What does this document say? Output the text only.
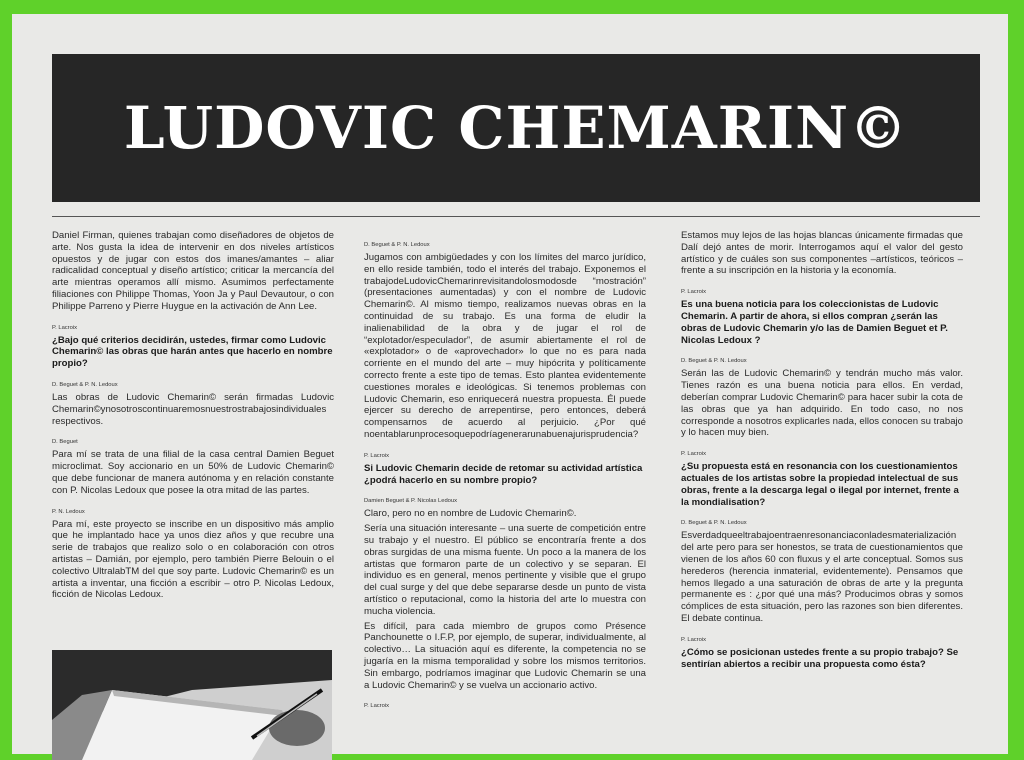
LUDOVIC CHEMARIN©

Daniel Firman, quienes trabajan como diseñadores de objetos de arte. Nos gusta la idea de intervenir en dos niveles artísticos opuestos y de jugar con estos dos imanes/amantes – aliar radicalidad conceptual y diseño artístico; criticar la mercancía del arte mientras operamos allí mismo. Asumimos perfectamente filiaciones con Philippe Thomas, Yoon Ja y Paul Devautour, o con Philippe Parreno y Pierre Huygue en la activación de Ann Lee.

P. Lacroix
¿Bajo qué criterios decidirán, ustedes, firmar como Ludovic Chemarin© las obras que harán antes que hacerlo en nombre propio?
D. Beguet & P. N. Ledoux

Las obras de Ludovic Chemarin© serán firmadas Ludovic Chemarin©ynosotroscontinuaremosnuestrostrabajosindividuales respectivos.

D. Beguet

Para mí se trata de una filial de la casa central Damien Beguet microclimat. Soy accionario en un 50% de Ludovic Chemarin© que debe funcionar de manera autónoma y en relación constante con P. Nicolas Ledoux que posee la otra mitad de las partes.

P. N. Ledoux

Para mí, este proyecto se inscribe en un dispositivo más amplio que he implantado hace ya unos diez años y que recubre una serie de trabajos que realizo solo o en colaboración con otros artistas – Damián, por ejemplo, pero también Pierre Belouin o el colectivo UltralabTM del que soy parte. Ludovic Chemarin© es un artista a inventar, una ficción a escribir – otro P. Nicolas Ledoux, ficción de Nicolas Ledoux.

D. Beguet & P. N. Ledoux

Jugamos con ambigüedades y con los límites del marco jurídico, en ello reside también, todo el interés del trabajo. Exponemos el trabajodeLudovicChemarinrevisitandolosmodosde “mostración” (presentaciones aumentadas) y con el nombre de Ludovic Chemarin©. Al mismo tiempo, realizamos nuevas obras en la continuidad de su trabajo. Es una forma de eludir la inalienabilidad de la obra y de jugar el rol de “explotador/especulador”, de asumir abiertamente el rol de «explotador» o de «aprovechador» lo que no es para nada corriente en el mundo del arte – muy hipócrita y políticamente correcto frente a este tipo de temas. Esto plantea evidentemente cuestiones morales e ideológicas. Si tenemos problemas con Ludovic Chemarin, eso enriquecerá nuestra propuesta. Él puede ejercer su derecho de arrepentirse, pero entonces, deberá compensarnos de acuerdo al perjuicio. ¿Por qué noentablarunprocesoquepodríagenerarunabuenajurisprudencia?

P. Lacroix
Si Ludovic Chemarin decide de retomar su actividad artística ¿podrá hacerlo en su nombre propio?
Damien Beguet & P. Nicolas Ledoux

Claro, pero no en nombre de Ludovic Chemarin©.

Sería una situación interesante – una suerte de competición entre su trabajo y el nuestro. El público se encontraría frente a dos obras surgidas de una misma fuente. Un poco a la manera de los artistas que formaron parte de un colectivo y se separan. El individuo es en general, menos pertinente y visible que el grupo del cual surge y del que debe separarse desde un punto de vista artístico o reputacional, como la historia del arte lo muestra con mucha violencia.

Es difícil, para cada miembro de grupos como Présence Panchounette o I.F.P, por ejemplo, de superar, individualmente, al colectivo… La situación aquí es diferente, la competencia no se jugaría en la misma temporalidad y sobre los mismos territorios. Sin embargo, podríamos imaginar que Ludovic Chemarin se una a Ludovic Chemarin© y se vuelva un accionario activo.

P. Lacroix

Estamos muy lejos de las hojas blancas únicamente firmadas que Dalí dejó antes de morir. Interrogamos aquí el valor del gesto artístico y de cuáles son sus componentes –artísticos, teóricos – frente a su inscripción en la historia y la economía.

P. Lacroix
Es una buena noticia para los coleccionistas de Ludovic Chemarin. A partir de ahora, si ellos compran ¿serán las obras de Ludovic Chemarin y/o las de Damien Beguet et P. Nicolas Ledoux ?
D. Beguet & P. N. Ledoux

Serán las de Ludovic Chemarin© y tendrán mucho más valor. Tienes razón es una buena noticia para ellos. En verdad, deberían comprar Ludovic Chemarin© para hacer subir la cota de las obras que ya han adquirido. En todo caso, no nos corresponde a nosotros explicarles nada, ellos conocen su trabajo y lo hacen muy bien.

P. Lacroix
¿Su propuesta está en resonancia con los cuestionamientos actuales de los artistas sobre la propiedad intelectual de sus obras, frente a la descarga legal o ilegal por internet, frente a la mondialisation?
D. Beguet & P. N. Ledoux

Esverdadqueeltrabajoentraenresonanciaconladesmaterialización del arte pero para ser honestos, se trata de cuestionamientos que vienen de los años 60 con fluxus y el arte conceptual. Somos sus herederos (herencia inmaterial, evidentemente). Pensamos que hemos llegado a una saturación de obras de arte y la pregunta permanente es : ¿por qué una más? Producimos obras y somos cómplices de esta situación, pero las razones son bien diferentes. El debate continua.

P. Lacroix
¿Cómo se posicionan ustedes frente a su propio trabajo? Se sentirían abiertos a recibir una propuesta como ésta?
